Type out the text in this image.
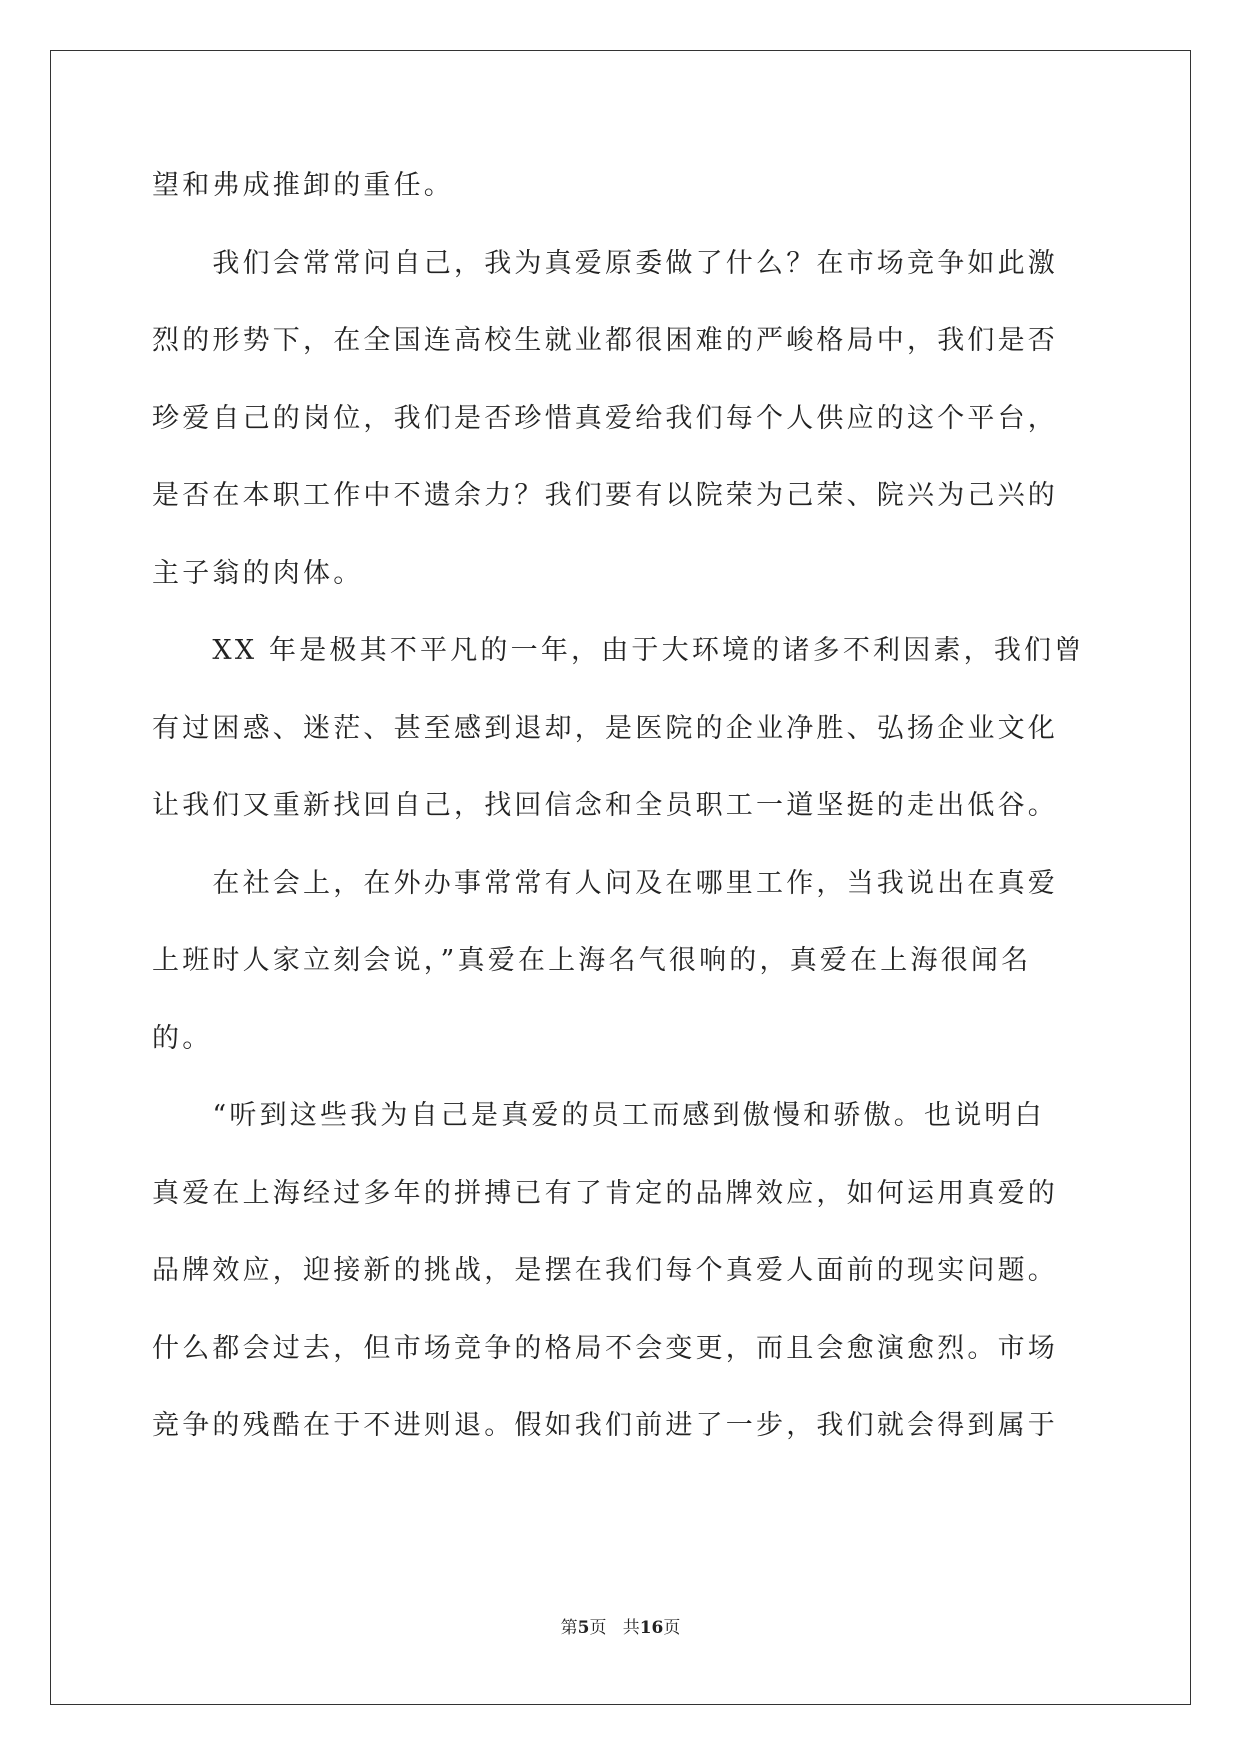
望和弗成推卸的重任。
　　我们会常常问自己，我为真爱原委做了什么？在市场竞争如此激
烈的形势下，在全国连高校生就业都很困难的严峻格局中，我们是否
珍爱自己的岗位，我们是否珍惜真爱给我们每个人供应的这个平台，
是否在本职工作中不遗余力？我们要有以院荣为己荣、院兴为己兴的
主子翁的肉体。
　　XX 年是极其不平凡的一年，由于大环境的诸多不利因素，我们曾
有过困惑、迷茫、甚至感到退却，是医院的企业净胜、弘扬企业文化
让我们又重新找回自己，找回信念和全员职工一道坚挺的走出低谷。
　　在社会上，在外办事常常有人问及在哪里工作，当我说出在真爱
上班时人家立刻会说，”真爱在上海名气很响的，真爱在上海很闻名
的。
　　“听到这些我为自己是真爱的员工而感到傲慢和骄傲。也说明白
真爱在上海经过多年的拼搏已有了肯定的品牌效应，如何运用真爱的
品牌效应，迎接新的挑战，是摆在我们每个真爱人面前的现实问题。
什么都会过去，但市场竞争的格局不会变更，而且会愈演愈烈。市场
竞争的残酷在于不进则退。假如我们前进了一步，我们就会得到属于
第5页 共16页
